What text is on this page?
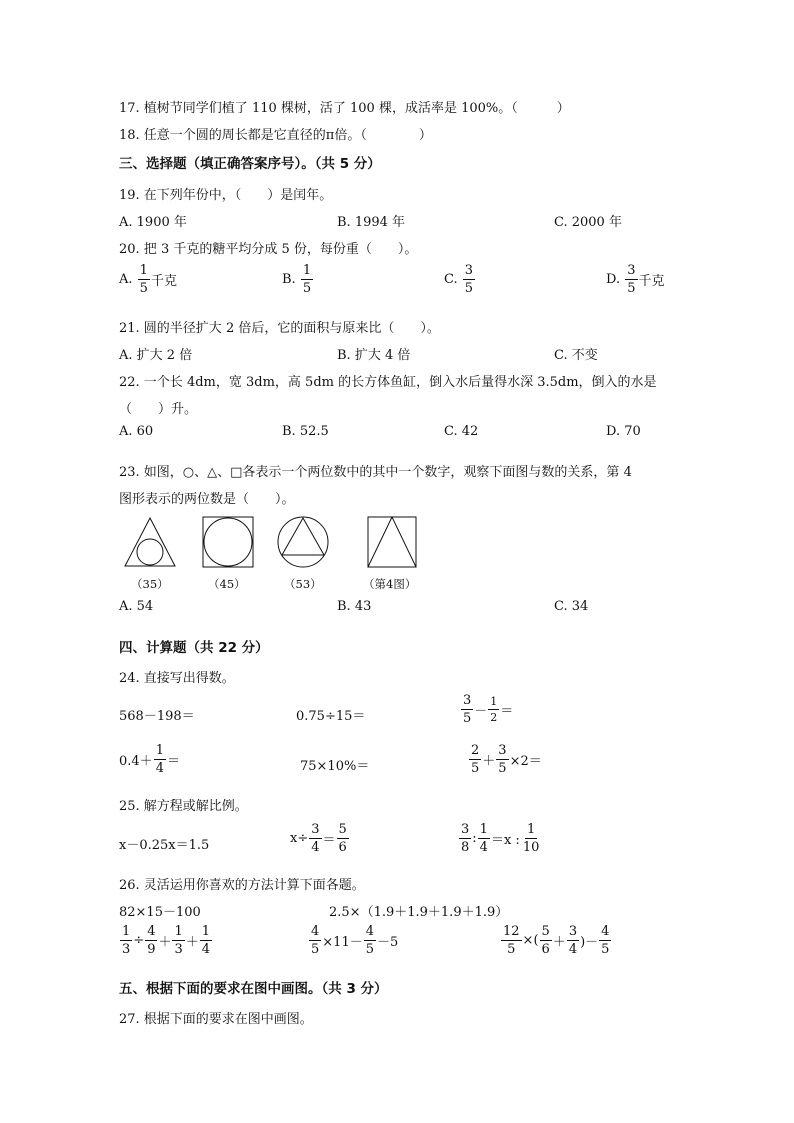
17. 植树节同学们植了 110 棵树，活了 100 棵，成活率是 100%。（　　　）
18. 任意一个圆的周长都是它直径的π倍。（　　　　）
三、选择题（填正确答案序号）。（共 5 分）
19. 在下列年份中，（　　）是闰年。
A. 1900 年	B. 1994 年	C. 2000 年
20. 把 3 千克的糖平均分成 5 份，每份重（　　）。
A.
$\frac{1}{5}$ 千克	B.
$\frac{1}{5}$	C.
$\frac{3}{5}$	D.
$\frac{3}{5}$ 千克
21. 圆的半径扩大 2 倍后，它的面积与原来比（　　）。
A. 扩大 2 倍	B. 扩大 4 倍	C. 不变
22. 一个长 4dm，宽 3dm，高 5dm 的长方体鱼缸，倒入水后量得水深 3.5dm，倒入的水是
（　　）升。
A. 60	B. 52.5	C. 42	D. 70
23. 如图，○、△、□各表示一个两位数中的其中一个数字，观察下面图与数的关系，第 4
图形表示的两位数是（　　）。
（35）	（45）	（53）	（第4图）
A. 54	B. 43	C. 34
四、计算题（共 22 分）
24. 直接写出得数。
568－198＝	0.75÷15＝	$\frac{3}{5} - \frac{1}{2}$ ＝
$0.4+ \frac{1}{4}$ ＝	75×10%＝	$\frac{2}{5} + \frac{3}{5} \times 2=$
25. 解方程或解比例。
x－0.25x＝1.5	$x\div \frac{3}{4} = \frac{5}{6}$	$\frac{3}{8}$ : $\frac{1}{4} =x$ : $\frac{1}{10}$
26. 灵活运用你喜欢的方法计算下面各题。
82×15－100	2.5×（1.9＋1.9＋1.9＋1.9）
$\frac{1}{3} \div \frac{4}{9} + \frac{1}{3} + \frac{1}{4}$	$\frac{4}{5} \times 11- \frac{4}{5} -5$	$\frac{12}{5}$ ×( $\frac{5}{6} + \frac{3}{4}$ )－ $\frac{4}{5}$
五、根据下面的要求在图中画图。（共 3 分）
27. 根据下面的要求在图中画图。
